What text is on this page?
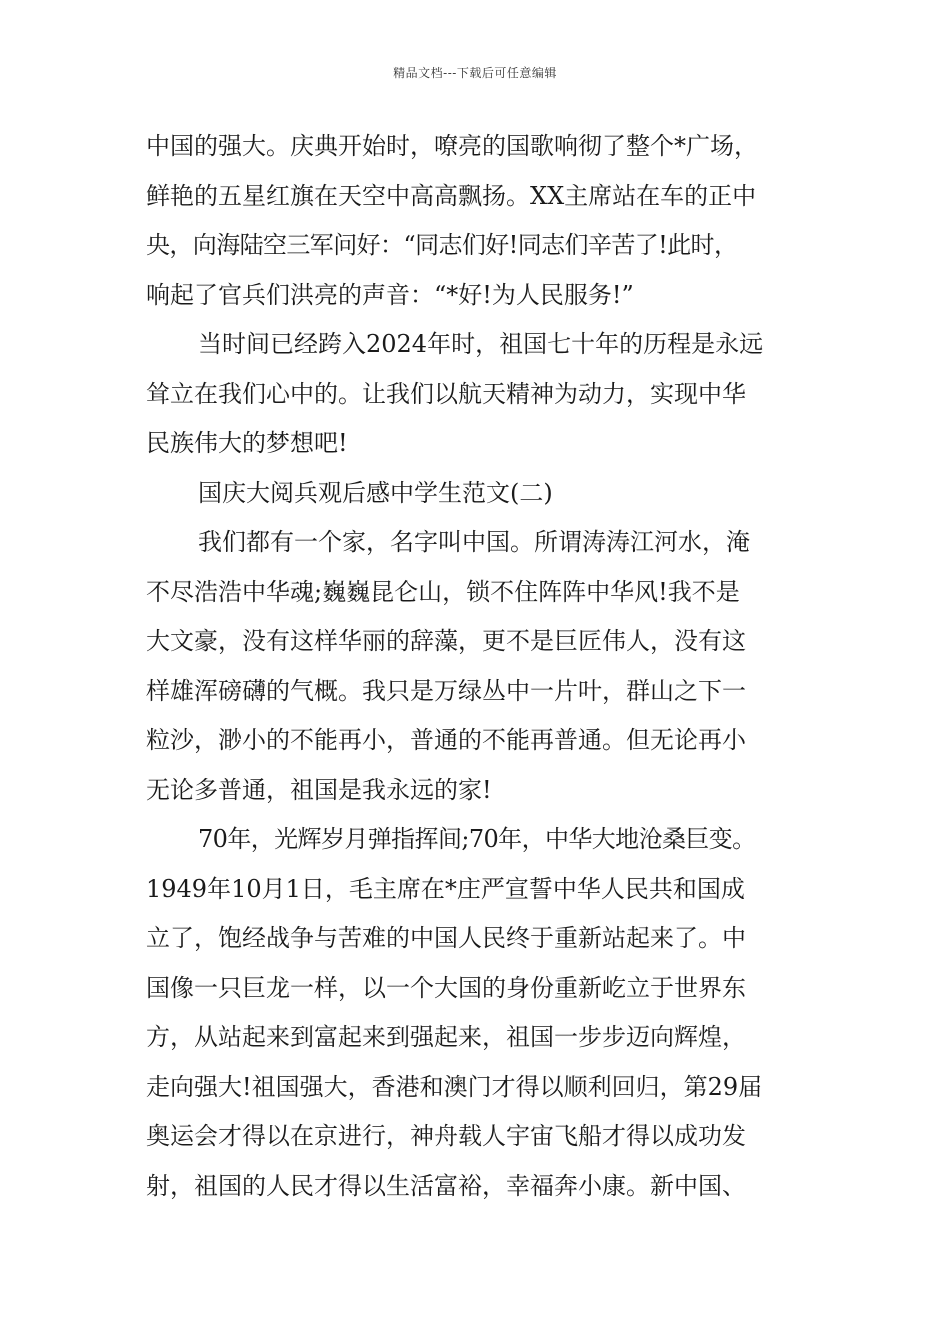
精品文档---下载后可任意编辑
中国的强大。庆典开始时，嘹亮的国歌响彻了整个*广场，
鲜艳的五星红旗在天空中高高飘扬。XX主席站在车的正中
央，向海陆空三军问好：“同志们好!同志们辛苦了!此时，
响起了官兵们洪亮的声音：“*好!为人民服务!”
当时间已经跨入2024年时，祖国七十年的历程是永远
耸立在我们心中的。让我们以航天精神为动力，实现中华
民族伟大的梦想吧!
国庆大阅兵观后感中学生范文(二)
我们都有一个家，名字叫中国。所谓涛涛江河水，淹
不尽浩浩中华魂;巍巍昆仑山，锁不住阵阵中华风!我不是
大文豪，没有这样华丽的辞藻，更不是巨匠伟人，没有这
样雄浑磅礴的气概。我只是万绿丛中一片叶，群山之下一
粒沙，渺小的不能再小，普通的不能再普通。但无论再小
无论多普通，祖国是我永远的家!
70年，光辉岁月弹指挥间;70年，中华大地沧桑巨变。
1949年10月1日，毛主席在*庄严宣誓中华人民共和国成
立了，饱经战争与苦难的中国人民终于重新站起来了。中
国像一只巨龙一样，以一个大国的身份重新屹立于世界东
方，从站起来到富起来到强起来，祖国一步步迈向辉煌，
走向强大!祖国强大，香港和澳门才得以顺利回归，第29届
奥运会才得以在京进行，神舟载人宇宙飞船才得以成功发
射，祖国的人民才得以生活富裕，幸福奔小康。新中国、
